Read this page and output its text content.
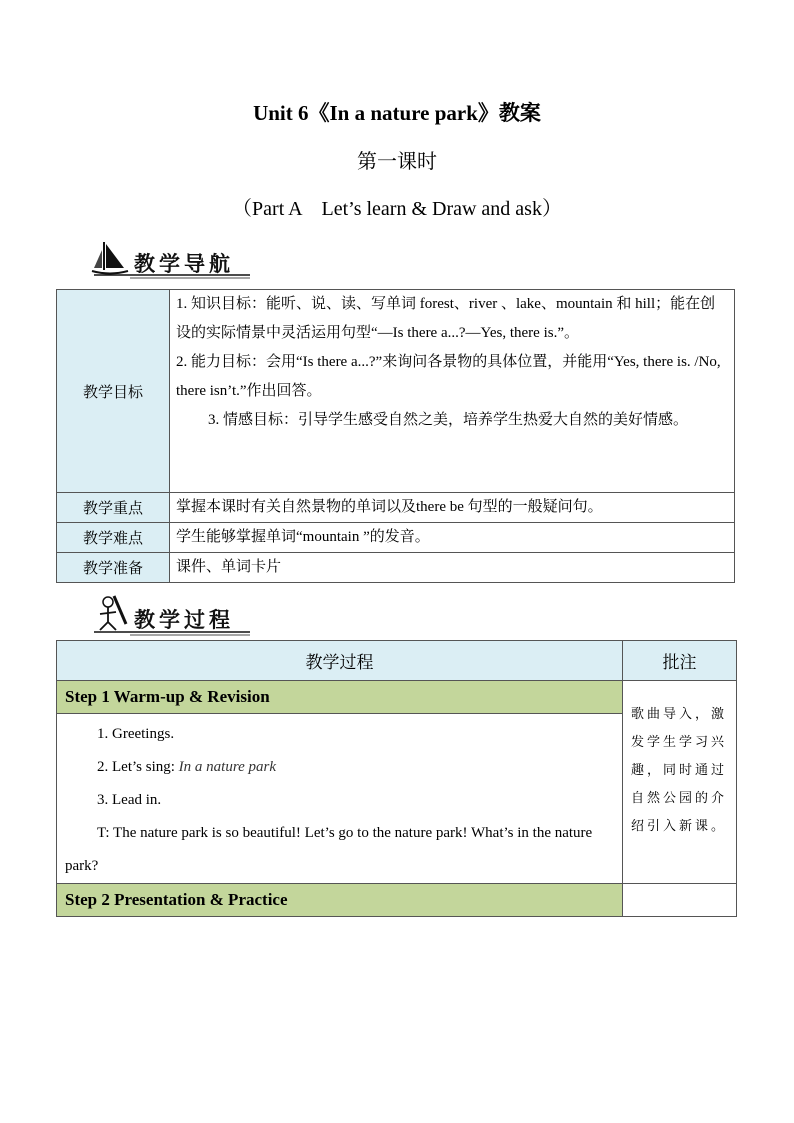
Unit 6《In a nature park》教案
第一课时
（Part A　Let’s learn & Draw and ask）
教学导航
教学目标	1. 知识目标：能听、说、读、写单词 forest、river 、lake、mountain 和 hill；能在创设的实际情景中灵活运用句型“—Is there a...?—Yes, there is.”。

2. 能力目标：会用“Is there a...?”来询问各景物的具体位置，并能用“Yes, there is. /No, there isn’t.”作出回答。

3. 情感目标：引导学生感受自然之美，培养学生热爱大自然的美好情感。

教学重点	掌握本课时有关自然景物的单词以及there be 句型的一般疑问句。
教学难点	学生能够掌握单词“mountain ”的发音。
教学准备	课件、单词卡片
教学过程
教学过程	批注
Step 1 Warm-up & Revision	歌曲导入，激发学生学习兴趣，同时通过自然公园的介绍引入新课。

1. Greetings.

2. Let’s sing: In a nature park

3. Lead in.

T: The nature park is so beautiful! Let’s go to the nature park! What’s in the nature park?	

Step 2 Presentation & Practice	
